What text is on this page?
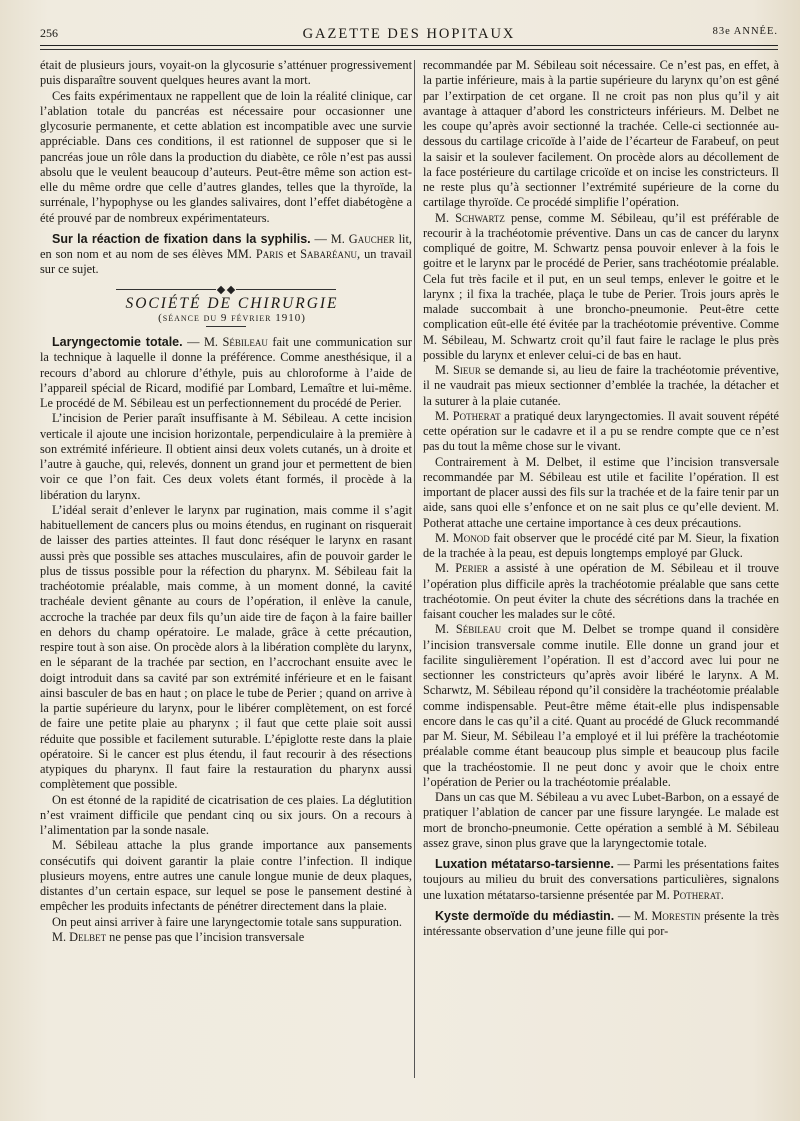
256	GAZETTE DES HOPITAUX	83e ANNÉE.

était de plusieurs jours, voyait-on la glycosurie s’atténuer progressivement puis disparaître souvent quelques heures avant la mort.

Ces faits expérimentaux ne rappellent que de loin la réalité clinique, car l’ablation totale du pancréas est nécessaire pour occasionner une glycosurie permanente, et cette ablation est incompatible avec une survie appréciable. Dans ces conditions, il est rationnel de supposer que si le pancréas joue un rôle dans la production du diabète, ce rôle n’est pas aussi absolu que le veulent beaucoup d’auteurs. Peut-être même son action est-elle du même ordre que celle d’autres glandes, telles que la thyroïde, la surrénale, l’hypophyse ou les glandes salivaires, dont l’effet diabétogène a été prouvé par de nombreux expérimentateurs.

Sur la réaction de fixation dans la syphilis. — M. Gaucher lit, en son nom et au nom de ses élèves MM. Paris et Sabaréanu, un travail sur ce sujet.

SOCIÉTÉ DE CHIRURGIE

(séance du 9 février 1910)

Laryngectomie totale. — M. Sébileau fait une communication sur la technique à laquelle il donne la préférence. Comme anesthésique, il a recours d’abord au chlorure d’éthyle, puis au chloroforme à l’aide de l’appareil spécial de Ricard, modifié par Lombard, Lemaître et lui-même. Le procédé de M. Sébileau est un perfectionnement du procédé de Perier.

L’incision de Perier paraît insuffisante à M. Sébileau. A cette incision verticale il ajoute une incision horizontale, perpendiculaire à la première à son extrémité inférieure. Il obtient ainsi deux volets cutanés, un à droite et l’autre à gauche, qui, relevés, donnent un grand jour et permettent de bien voir ce que l’on fait. Ces deux volets étant formés, il procède à la libération du larynx.

L’idéal serait d’enlever le larynx par rugination, mais comme il s’agit habituellement de cancers plus ou moins étendus, en ruginant on risquerait de laisser des parties atteintes. Il faut donc réséquer le larynx en rasant aussi près que possible ses attaches musculaires, afin de pouvoir garder le plus de tissus possible pour la réfection du pharynx. M. Sébileau fait la trachéotomie préalable, mais comme, à un moment donné, la cavité trachéale devient gênante au cours de l’opération, il enlève la canule, accroche la trachée par deux fils qu’un aide tire de façon à la faire bailler en dehors du champ opératoire. Le malade, grâce à cette précaution, respire tout à son aise. On procède alors à la libération complète du larynx, en le séparant de la trachée par section, en l’accrochant ensuite avec le doigt introduit dans sa cavité par son extrémité inférieure et en le faisant ainsi basculer de bas en haut ; on place le tube de Perier ; quand on arrive à la partie supérieure du larynx, pour le libérer complètement, on est forcé de faire une petite plaie au pharynx ; il faut que cette plaie soit aussi réduite que possible et facilement suturable. L’épiglotte reste dans la plaie opératoire. Si le cancer est plus étendu, il faut recourir à des résections atypiques du pharynx. Il faut faire la restauration du pharynx aussi complètement que possible.

On est étonné de la rapidité de cicatrisation de ces plaies. La déglutition n’est vraiment difficile que pendant cinq ou six jours. On a recours à l’alimentation par la sonde nasale.

M. Sébileau attache la plus grande importance aux pansements consécutifs qui doivent garantir la plaie contre l’infection. Il indique plusieurs moyens, entre autres une canule longue munie de deux plaques, distantes d’un certain espace, sur lequel se pose le pansement destiné à empêcher les produits infectants de pénétrer directement dans la plaie.

On peut ainsi arriver à faire une laryngectomie totale sans suppuration.

M. Delbet ne pense pas que l’incision transversale

recommandée par M. Sébileau soit nécessaire. Ce n’est pas, en effet, à la partie inférieure, mais à la partie supérieure du larynx qu’on est gêné par l’extirpation de cet organe. Il ne croit pas non plus qu’il y ait avantage à attaquer d’abord les constricteurs inférieurs. M. Delbet ne les coupe qu’après avoir sectionné la trachée. Celle-ci sectionnée au-dessous du cartilage cricoïde à l’aide de l’écarteur de Farabeuf, on peut la saisir et la soulever facilement. On procède alors au décollement de la face postérieure du cartilage cricoïde et on incise les constricteurs. Il ne reste plus qu’à sectionner l’extrémité supérieure de la corne du cartilage thyroïde. Ce procédé simplifie l’opération.

M. Schwartz pense, comme M. Sébileau, qu’il est préférable de recourir à la trachéotomie préventive. Dans un cas de cancer du larynx compliqué de goitre, M. Schwartz pensa pouvoir enlever à la fois le goitre et le larynx par le procédé de Perier, sans trachéotomie préalable. Cela fut très facile et il put, en un seul temps, enlever le goitre et le larynx ; il fixa la trachée, plaça le tube de Perier. Trois jours après le malade succombait à une broncho-pneumonie. Peut-être cette complication eût-elle été évitée par la trachéotomie préventive. Comme M. Sébileau, M. Schwartz croit qu’il faut faire le raclage le plus près possible du larynx et enlever celui-ci de bas en haut.

M. Sieur se demande si, au lieu de faire la trachéotomie préventive, il ne vaudrait pas mieux sectionner d’emblée la trachée, la détacher et la suturer à la plaie cutanée.

M. Potherat a pratiqué deux laryngectomies. Il avait souvent répété cette opération sur le cadavre et il a pu se rendre compte que ce n’est pas du tout la même chose sur le vivant.

Contrairement à M. Delbet, il estime que l’incision transversale recommandée par M. Sébileau est utile et facilite l’opération. Il est important de placer aussi des fils sur la trachée et de la faire tenir par un aide, sans quoi elle s’enfonce et on ne sait plus ce qu’elle devient. M. Potherat attache une certaine importance à ces deux précautions.

M. Monod fait observer que le procédé cité par M. Sieur, la fixation de la trachée à la peau, est depuis longtemps employé par Gluck.

M. Perier a assisté à une opération de M. Sébileau et il trouve l’opération plus difficile après la trachéotomie préalable que sans cette trachéotomie. On peut éviter la chute des sécrétions dans la trachée en faisant coucher les malades sur le côté.

M. Sébileau croit que M. Delbet se trompe quand il considère l’incision transversale comme inutile. Elle donne un grand jour et facilite singulièrement l’opération. Il est d’accord avec lui pour ne sectionner les constricteurs qu’après avoir libéré le larynx. A M. Scharwtz, M. Sébileau répond qu’il considère la trachéotomie préalable comme indispensable. Peut-être même était-elle plus indispensable encore dans le cas qu’il a cité. Quant au procédé de Gluck recommandé par M. Sieur, M. Sébileau l’a employé et il lui préfère la trachéotomie préalable comme étant beaucoup plus simple et beaucoup plus facile que la trachéostomie. Il ne peut donc y avoir que le choix entre l’opération de Perier ou la trachéotomie préalable.

Dans un cas que M. Sébileau a vu avec Lubet-Barbon, on a essayé de pratiquer l’ablation de cancer par une fissure laryngée. Le malade est mort de broncho-pneumonie. Cette opération a semblé à M. Sébileau assez grave, sinon plus grave que la laryngectomie totale.

Luxation métatarso-tarsienne. — Parmi les présentations faites toujours au milieu du bruit des conversations particulières, signalons une luxation métatarso-tarsienne présentée par M. Potherat.

Kyste dermoïde du médiastin. — M. Morestin présente la très intéressante observation d’une jeune fille qui por-
